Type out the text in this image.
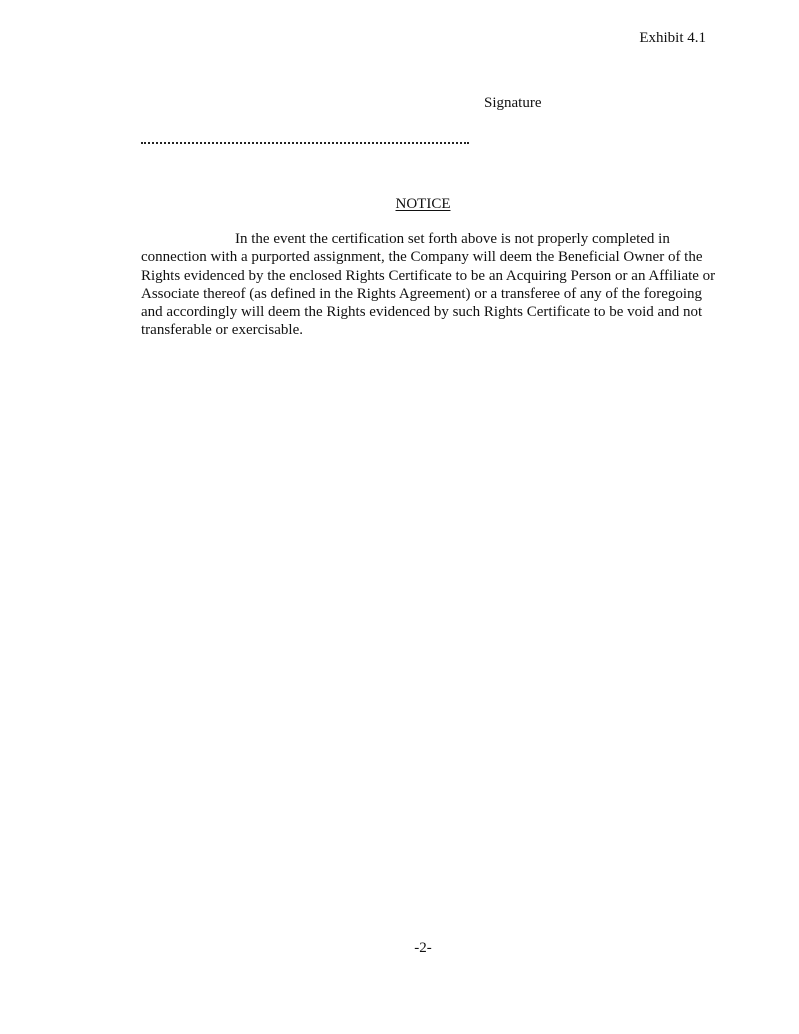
Exhibit 4.1
Signature
NOTICE

In the event the certification set forth above is not properly completed in connection with a purported assignment, the Company will deem the Beneficial Owner of the Rights evidenced by the enclosed Rights Certificate to be an Acquiring Person or an Affiliate or Associate thereof (as defined in the Rights Agreement) or a transferee of any of the foregoing and accordingly will deem the Rights evidenced by such Rights Certificate to be void and not transferable or exercisable.

-2-
